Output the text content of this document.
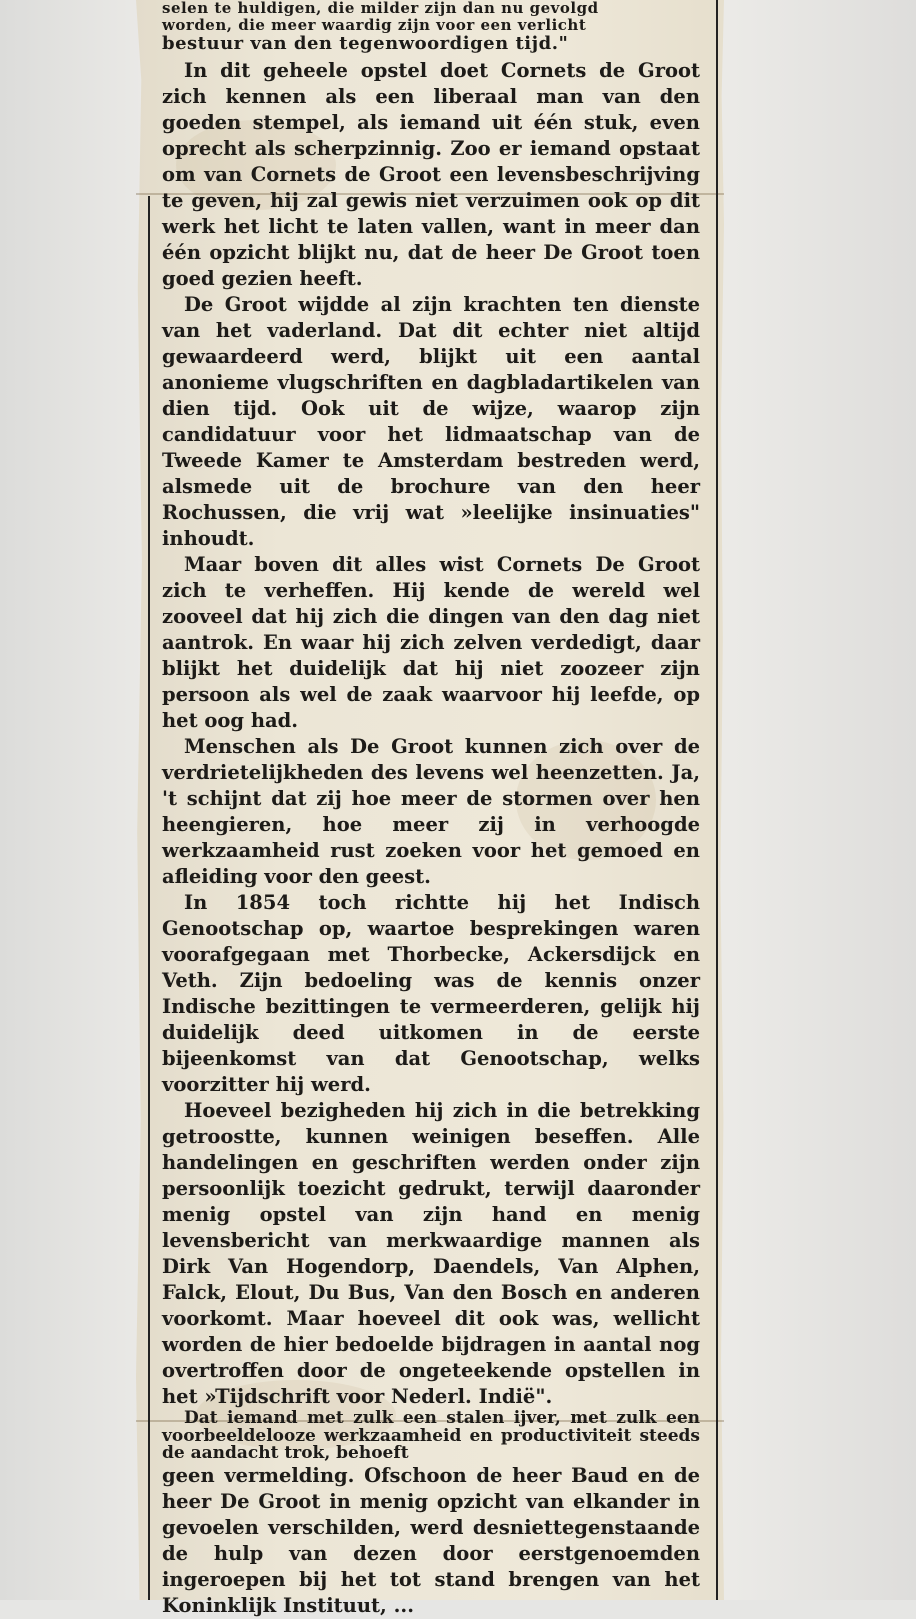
selen te huldigen, die milder zijn dan nu gevolgd

worden, die meer waardig zijn voor een verlicht

bestuur van den tegenwoordigen tijd."

In dit geheele opstel doet Cornets de Groot zich kennen als een liberaal man van den goeden stempel, als iemand uit één stuk, even oprecht als scherpzinnig. Zoo er iemand opstaat om van Cornets de Groot een levensbeschrijving te geven, hij zal gewis niet verzuimen ook op dit werk het licht te laten vallen, want in meer dan één opzicht blijkt nu, dat de heer De Groot toen goed gezien heeft.

De Groot wijdde al zijn krachten ten dienste van het vaderland. Dat dit echter niet altijd gewaardeerd werd, blijkt uit een aantal anonieme vlugschriften en dagbladartikelen van dien tijd. Ook uit de wijze, waarop zijn candidatuur voor het lidmaatschap van de Tweede Kamer te Amsterdam bestreden werd, alsmede uit de brochure van den heer Rochussen, die vrij wat »leelijke insinuaties" inhoudt.

Maar boven dit alles wist Cornets De Groot zich te verheffen. Hij kende de wereld wel zooveel dat hij zich die dingen van den dag niet aantrok. En waar hij zich zelven verdedigt, daar blijkt het duidelijk dat hij niet zoozeer zijn persoon als wel de zaak waarvoor hij leefde, op het oog had.

Menschen als De Groot kunnen zich over de verdrietelijkheden des levens wel heenzetten. Ja, 't schijnt dat zij hoe meer de stormen over hen heengieren, hoe meer zij in verhoogde werkzaamheid rust zoeken voor het gemoed en afleiding voor den geest.

In 1854 toch richtte hij het Indisch Genootschap op, waartoe besprekingen waren voorafgegaan met Thorbecke, Ackersdijck en Veth. Zijn bedoeling was de kennis onzer Indische bezittingen te vermeerderen, gelijk hij duidelijk deed uitkomen in de eerste bijeenkomst van dat Genootschap, welks voorzitter hij werd.

Hoeveel bezigheden hij zich in die betrekking getroostte, kunnen weinigen beseffen. Alle handelingen en geschriften werden onder zijn persoonlijk toezicht gedrukt, terwijl daaronder menig opstel van zijn hand en menig levensbericht van merkwaardige mannen als Dirk Van Hogendorp, Daendels, Van Alphen, Falck, Elout, Du Bus, Van den Bosch en anderen voorkomt. Maar hoeveel dit ook was, wellicht worden de hier bedoelde bijdragen in aantal nog overtroffen door de ongeteekende opstellen in het »Tijdschrift voor Nederl. Indië".

Dat iemand met zulk een stalen ijver, met zulk een voorbeeldelooze werkzaamheid en productiviteit steeds de aandacht trok, behoeft

geen vermelding. Ofschoon de heer Baud en de heer De Groot in menig opzicht van elkander in gevoelen verschilden, werd desniettegenstaande de hulp van dezen door eerstgenoemden ingeroepen bij het tot stand brengen van het Koninklijk Instituut, ...
